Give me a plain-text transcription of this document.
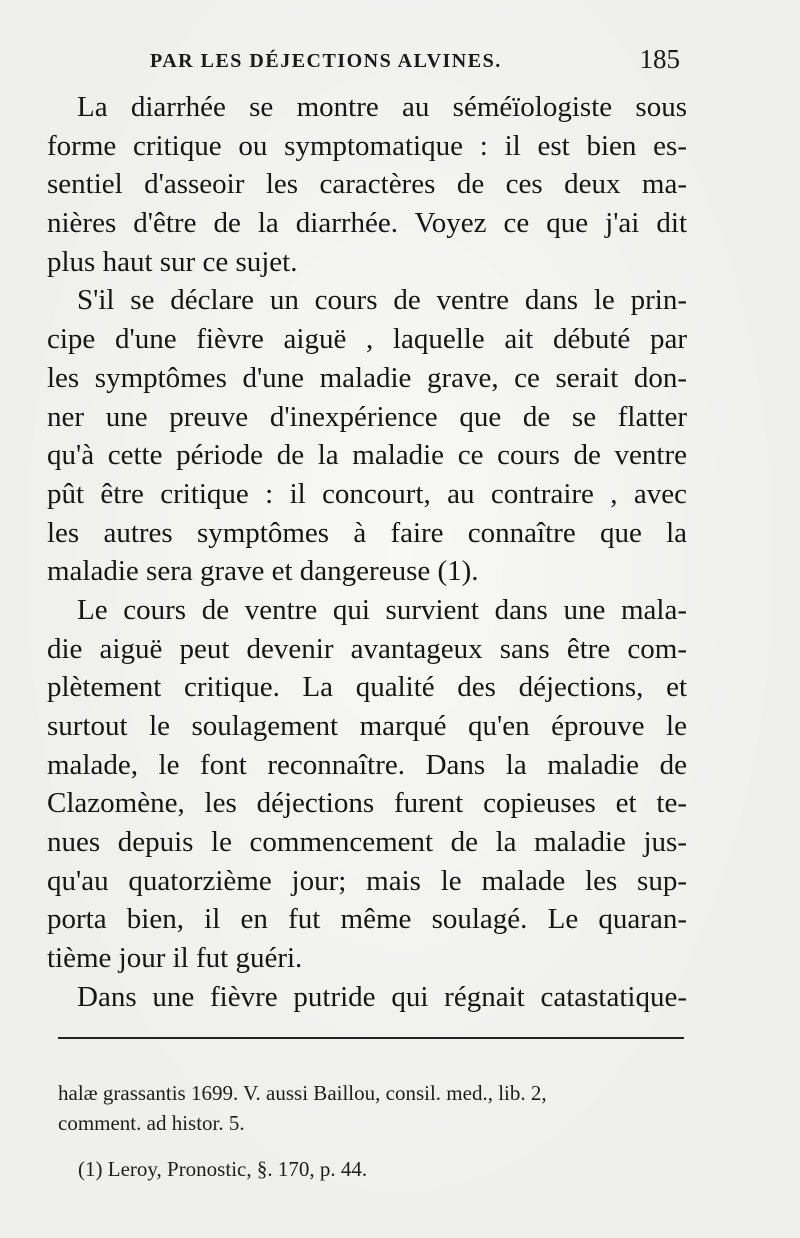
PAR LES DÉJECTIONS ALVINES.	185
La diarrhée se montre au séméïologiste sous
forme critique ou symptomatique : il est bien es-
sentiel d'asseoir les caractères de ces deux ma-
nières d'être de la diarrhée. Voyez ce que j'ai dit
plus haut sur ce sujet.
S'il se déclare un cours de ventre dans le prin-
cipe d'une fièvre aiguë , laquelle ait débuté par
les symptômes d'une maladie grave, ce serait don-
ner une preuve d'inexpérience que de se flatter
qu'à cette période de la maladie ce cours de ventre
pût être critique : il concourt, au contraire , avec
les autres symptômes à faire connaître que la
maladie sera grave et dangereuse (1).
Le cours de ventre qui survient dans une mala-
die aiguë peut devenir avantageux sans être com-
plètement critique. La qualité des déjections, et
surtout le soulagement marqué qu'en éprouve le
malade, le font reconnaître. Dans la maladie de
Clazomène, les déjections furent copieuses et te-
nues depuis le commencement de la maladie jus-
qu'au quatorzième jour; mais le malade les sup-
porta bien, il en fut même soulagé. Le quaran-
tième jour il fut guéri.
Dans une fièvre putride qui régnait catastatique-
halæ grassantis 1699. V. aussi Baillou, consil. med., lib. 2,
comment. ad histor. 5.
(1) Leroy, Pronostic, §. 170, p. 44.
